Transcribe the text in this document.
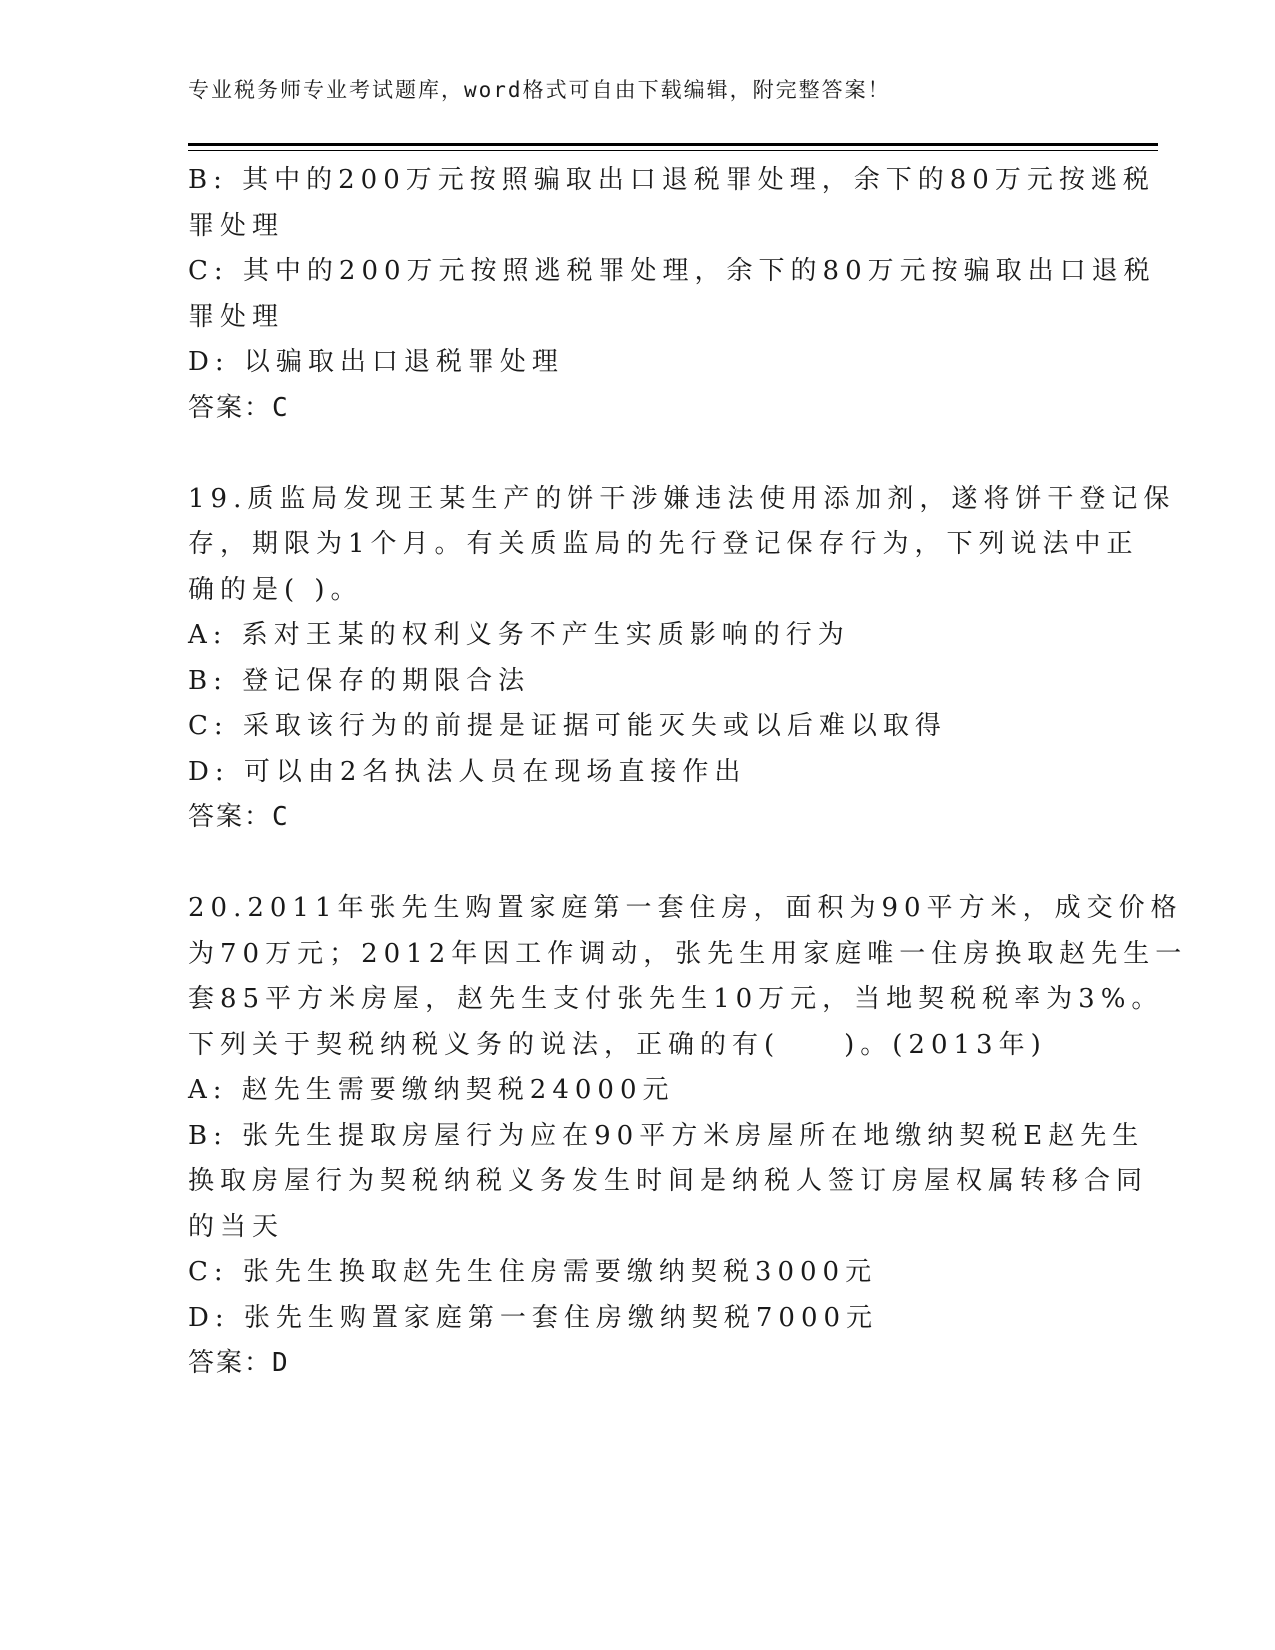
专业税务师专业考试题库，word格式可自由下载编辑，附完整答案！
B: 其中的200万元按照骗取出口退税罪处理，余下的80万元按逃税
罪处理
C: 其中的200万元按照逃税罪处理，余下的80万元按骗取出口退税
罪处理
D: 以骗取出口退税罪处理
答案：C
19.质监局发现王某生产的饼干涉嫌违法使用添加剂，遂将饼干登记保
存，期限为1个月。有关质监局的先行登记保存行为，下列说法中正
确的是( )。
A: 系对王某的权利义务不产生实质影响的行为
B: 登记保存的期限合法
C: 采取该行为的前提是证据可能灭失或以后难以取得
D: 可以由2名执法人员在现场直接作出
答案：C
20.2011年张先生购置家庭第一套住房，面积为90平方米，成交价格
为70万元；2012年因工作调动，张先生用家庭唯一住房换取赵先生一
套85平方米房屋，赵先生支付张先生10万元，当地契税税率为3%。
下列关于契税纳税义务的说法，正确的有(　　)。(2013年)
A: 赵先生需要缴纳契税24000元
B: 张先生提取房屋行为应在90平方米房屋所在地缴纳契税E赵先生
换取房屋行为契税纳税义务发生时间是纳税人签订房屋权属转移合同
的当天
C: 张先生换取赵先生住房需要缴纳契税3000元
D: 张先生购置家庭第一套住房缴纳契税7000元
答案：D
